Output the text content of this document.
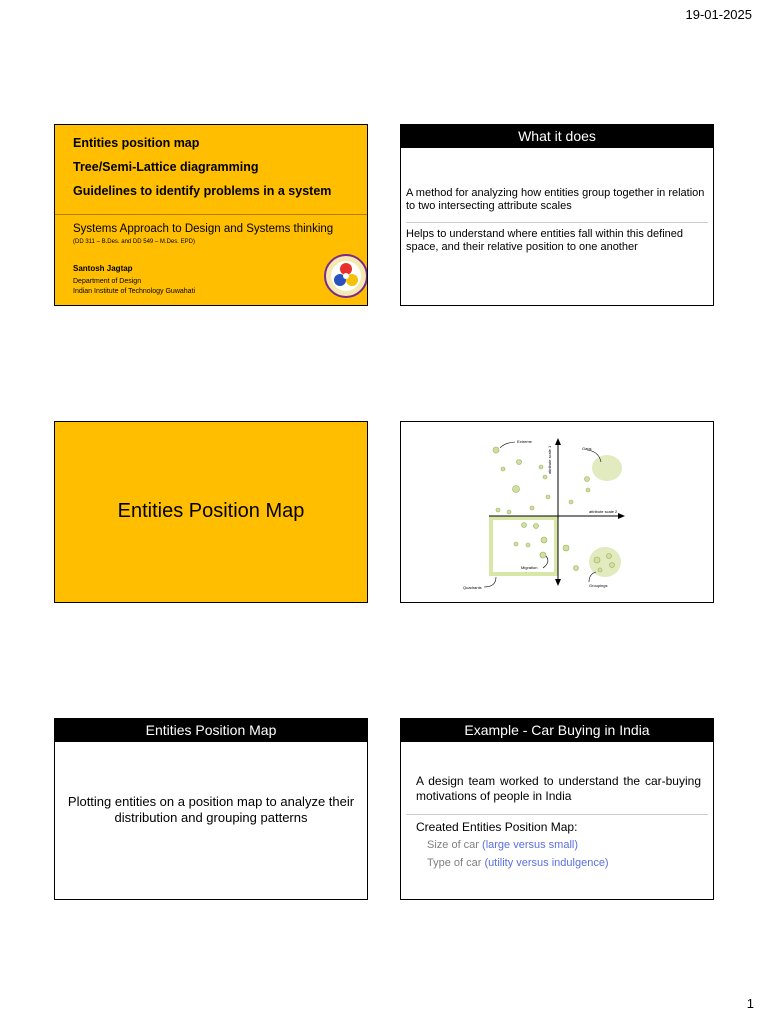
19-01-2025
Entities position map
Tree/Semi-Lattice diagramming
Guidelines to identify problems in a system
Systems Approach to Design and Systems thinking
(DD 311 – B.Des. and DD 549 – M.Des. EPD)
Santosh Jagtap
Department of Design
Indian Institute of Technology Guwahati
What it does
A method for analyzing how entities group together in relation to two intersecting attribute scales
Helps to understand where entities fall within this defined space, and their relative position to one another
Entities Position Map
Extreme
Gaps
attribute scale 2
attribute scale 1
Migration
Quadrants	Groupings
Entities Position Map
Plotting entities on a position map to analyze their distribution and grouping patterns
Example - Car Buying in India
A design team worked to understand the car-buying motivations of people in India
Created Entities Position Map:
Size of car (large versus small)
Type of car (utility versus indulgence)
1
